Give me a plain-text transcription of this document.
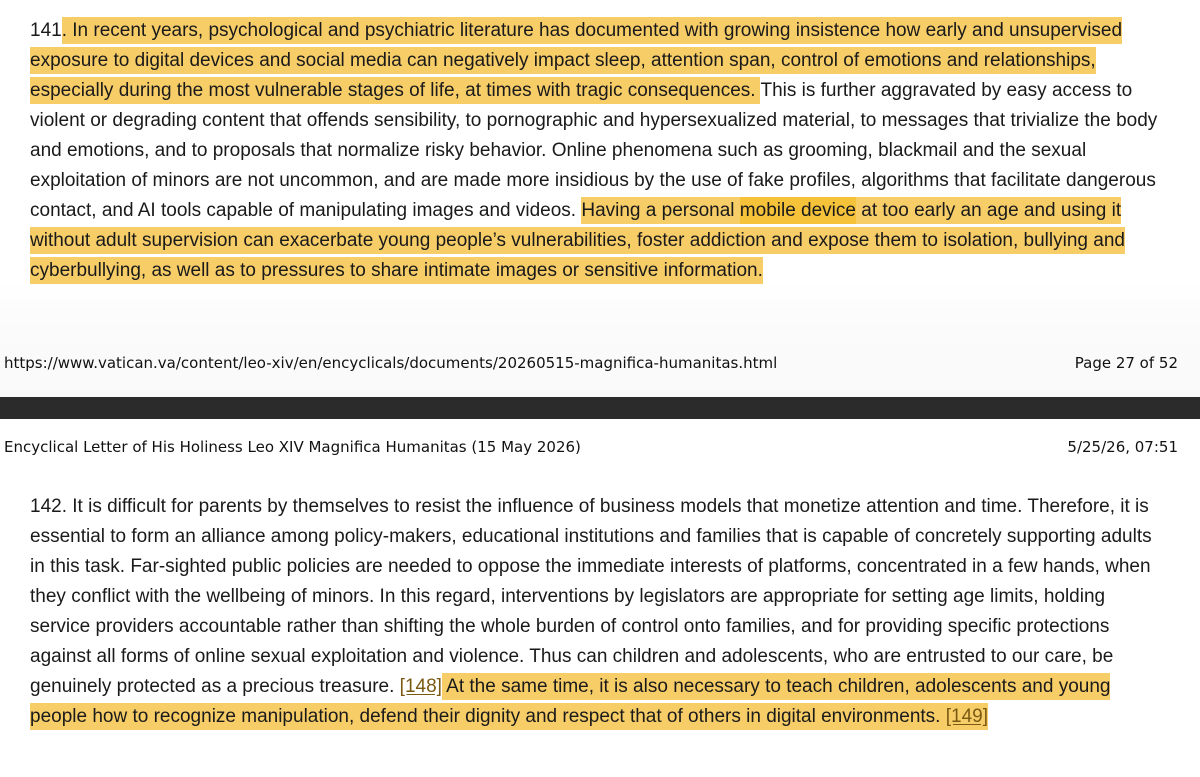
141. In recent years, psychological and psychiatric literature has documented with growing insistence how early and unsupervised exposure to digital devices and social media can negatively impact sleep, attention span, control of emotions and relationships, especially during the most vulnerable stages of life, at times with tragic consequences. This is further aggravated by easy access to violent or degrading content that offends sensibility, to pornographic and hypersexualized material, to messages that trivialize the body and emotions, and to proposals that normalize risky behavior. Online phenomena such as grooming, blackmail and the sexual exploitation of minors are not uncommon, and are made more insidious by the use of fake profiles, algorithms that facilitate dangerous contact, and AI tools capable of manipulating images and videos. Having a personal mobile device at too early an age and using it without adult supervision can exacerbate young people’s vulnerabilities, foster addiction and expose them to isolation, bullying and cyberbullying, as well as to pressures to share intimate images or sensitive information.

https://www.vatican.va/content/leo-xiv/en/encyclicals/documents/20260515-magnifica-humanitas.html	Page 27 of 52
Encyclical Letter of His Holiness Leo XIV Magnifica Humanitas (15 May 2026)	5/25/26, 07:51

142. It is difficult for parents by themselves to resist the influence of business models that monetize attention and time. Therefore, it is essential to form an alliance among policy-makers, educational institutions and families that is capable of concretely supporting adults in this task. Far-sighted public policies are needed to oppose the immediate interests of platforms, concentrated in a few hands, when they conflict with the wellbeing of minors. In this regard, interventions by legislators are appropriate for setting age limits, holding service providers accountable rather than shifting the whole burden of control onto families, and for providing specific protections against all forms of online sexual exploitation and violence. Thus can children and adolescents, who are entrusted to our care, be genuinely protected as a precious treasure. [148] At the same time, it is also necessary to teach children, adolescents and young people how to recognize manipulation, defend their dignity and respect that of others in digital environments. [149]
